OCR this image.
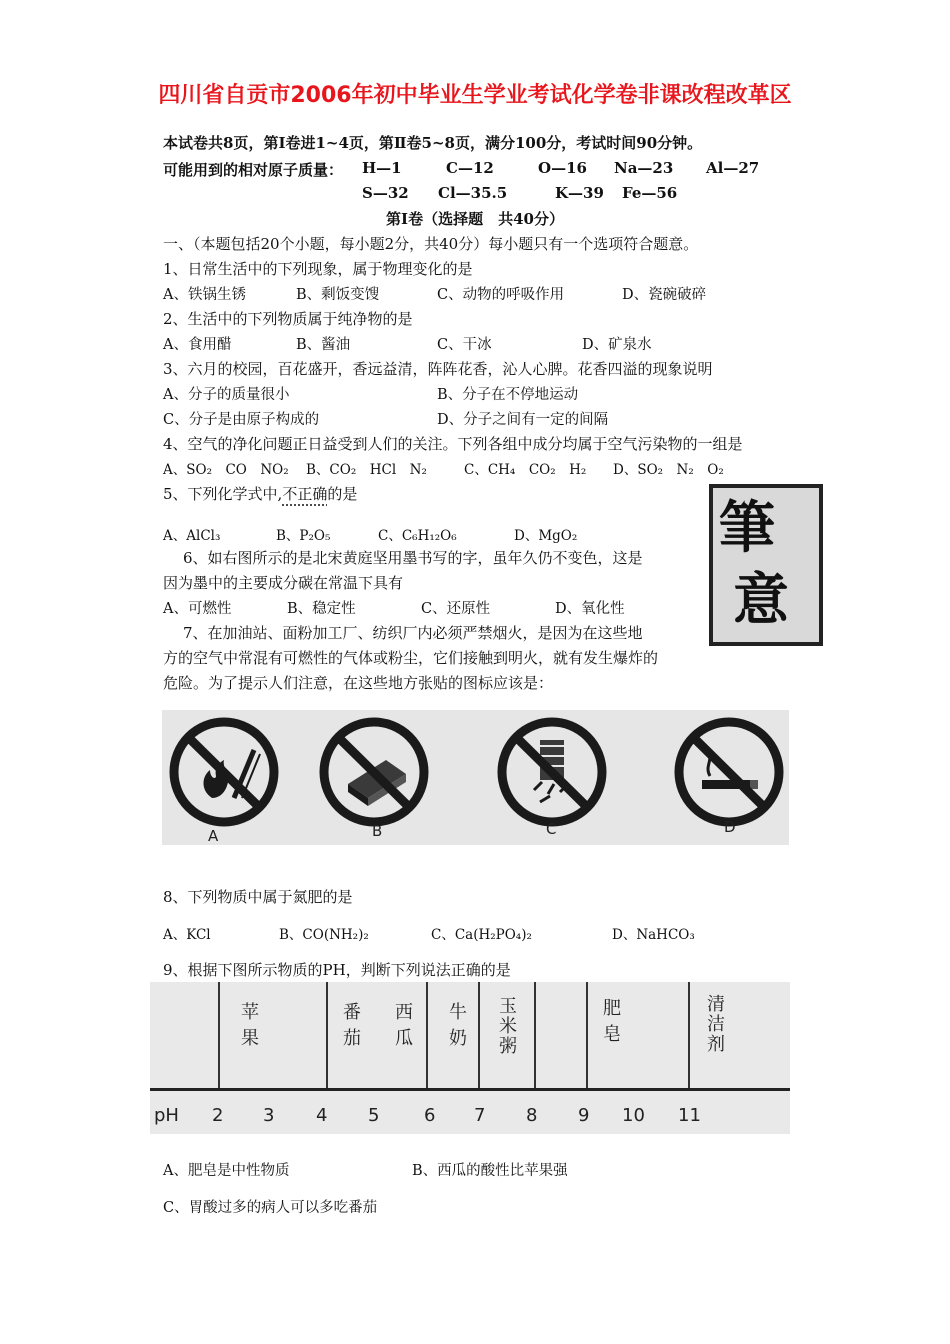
四川省自贡市2006年初中毕业生学业考试化学卷非课改程改革区
本试卷共8页，第Ⅰ卷进1~4页，第Ⅱ卷5~8页，满分100分，考试时间90分钟。
可能用到的相对原子质量： H—1	C—12	O—16 Na—23 Al—27
S—32 Cl—35.5	K—39 Fe—56
第Ⅰ卷（选择题　共40分）
一、（本题包括20个小题，每小题2分，共40分）每小题只有一个选项符合题意。
1、日常生活中的下列现象，属于物理变化的是
A、铁锅生锈	B、剩饭变馊	C、动物的呼吸作用	D、瓷碗破碎
2、生活中的下列物质属于纯净物的是
A、食用醋	B、酱油	C、干冰	D、矿泉水
3、六月的校园，百花盛开，香远益清，阵阵花香，沁人心脾。花香四溢的现象说明
A、分子的质量很小	B、分子在不停地运动
C、分子是由原子构成的	D、分子之间有一定的间隔
4、空气的净化问题正日益受到人们的关注。下列各组中成分均属于空气污染物的一组是
A、SO₂　CO　NO₂ B、CO₂　HCl　N₂	C、CH₄　CO₂　H₂ D、SO₂　N₂　O₂
5、下列化学式中,不正确的是
A、AlCl₃	B、P₂O₅	C、C₆H₁₂O₆	D、MgO₂	筆
意
6、如右图所示的是北宋黄庭坚用墨书写的字，虽年久仍不变色，这是
因为墨中的主要成分碳在常温下具有
A、可燃性	B、稳定性	C、还原性	D、氧化性
7、在加油站、面粉加工厂、纺织厂内必须严禁烟火，是因为在这些地
方的空气中常混有可燃性的气体或粉尘，它们接触到明火，就有发生爆炸的
危险。为了提示人们注意，在这些地方张贴的图标应该是：
A	B	C	D
8、下列物质中属于氮肥的是
A、KCl	B、CO(NH₂)₂	C、Ca(H₂PO₄)₂	D、NaHCO₃
9、根据下图所示物质的PH，判断下列说法正确的是
苹果	番茄 西瓜 牛奶 玉米粥	肥皂	清洁剂
pH 2 3 4 5 6 7 8 9 10 11
A、肥皂是中性物质	B、西瓜的酸性比苹果强
C、胃酸过多的病人可以多吃番茄
